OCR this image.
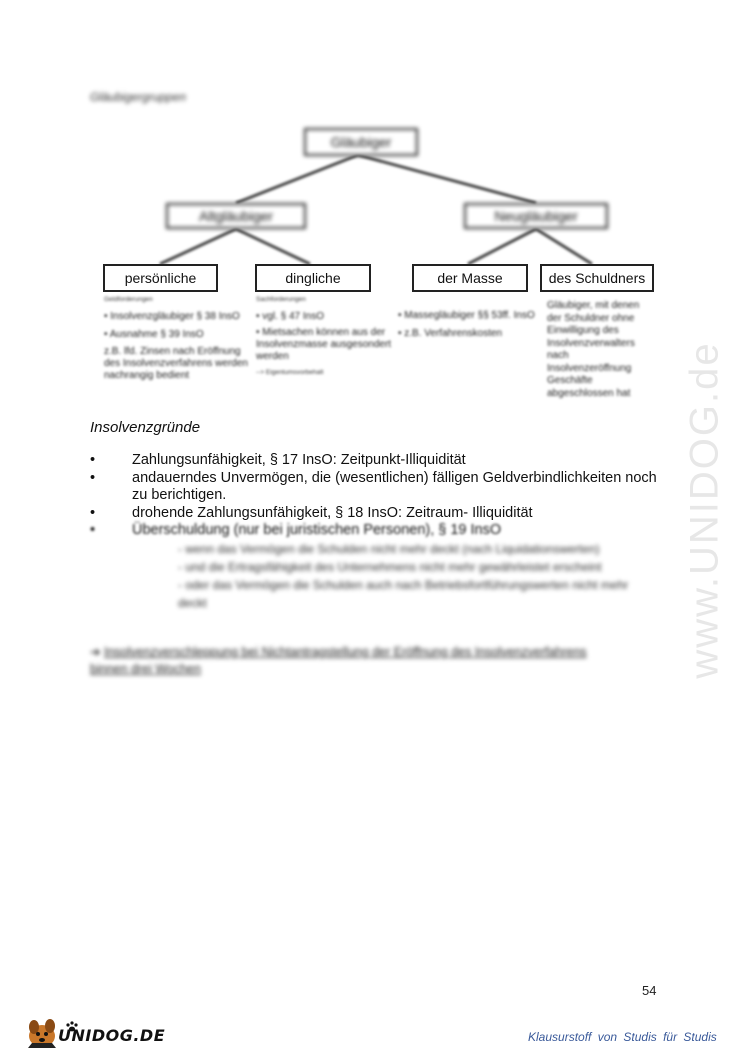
Gläubigergruppen
Gläubiger
Altgläubiger	Neugläubiger
persönliche	dingliche	der Masse	des Schuldners
Geldforderungen
• Insolvenzgläubiger § 38 InsO
• Ausnahme § 39 InsO
z.B. lfd. Zinsen nach Eröffnung des Insolvenzverfahrens werden nachrangig bedient
Sachforderungen
• vgl. § 47 InsO
• Mietsachen können aus der Insolvenzmasse ausgesondert werden
--> Eigentumsvorbehalt
• Massegläubiger §§ 53ff. InsO
• z.B. Verfahrenskosten
Gläubiger, mit denen der Schuldner ohne Einwilligung des Insolvenzverwalters nach Insolvenzeröffnung Geschäfte abgeschlossen hat
Insolvenzgründe
•	Zahlungsunfähigkeit, § 17 InsO: Zeitpunkt-Illiquidität
•	andauerndes Unvermögen, die (wesentlichen) fälligen Geldverbindlichkeiten noch zu berichtigen.
•	drohende Zahlungsunfähigkeit, § 18 InsO: Zeitraum- Illiquidität
•	Überschuldung (nur bei juristischen Personen), § 19 InsO
- wenn das Vermögen die Schulden nicht mehr deckt (nach Liquidationswerten)
- und die Ertragsfähigkeit des Unternehmens nicht mehr gewährleistet erscheint
- oder das Vermögen die Schulden auch nach Betriebsfortführungswerten nicht mehr deckt
➔ Insolvenzverschleppung bei Nichtantragstellung der Eröffnung des Insolvenzverfahrens binnen drei Wochen	www.UNIDOG.de
54
UNIDOG.DE	Klausurstoff von Studis für Studis
